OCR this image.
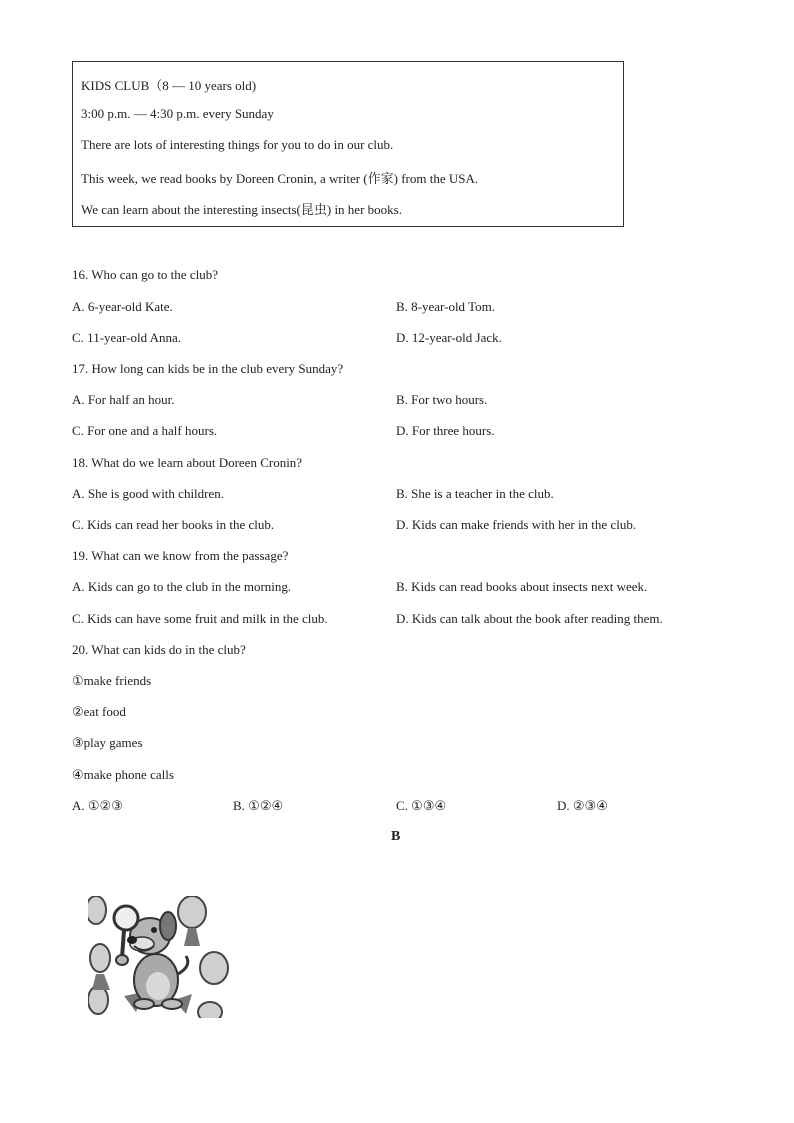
KIDS CLUB（8 — 10 years old)
3:00 p.m. — 4:30 p.m. every Sunday
There are lots of interesting things for you to do in our club.
This week, we read books by Doreen Cronin, a writer (作家) from the USA.
We can learn about the interesting insects(昆虫) in her books.
16. Who can go to the club?
A. 6-year-old Kate.	B. 8-year-old Tom.
C. 11-year-old Anna.	D. 12-year-old Jack.
17. How long can kids be in the club every Sunday?
A. For half an hour.	B. For two hours.
C. For one and a half hours.	D. For three hours.
18. What do we learn about Doreen Cronin?
A. She is good with children.	B. She is a teacher in the club.
C. Kids can read her books in the club.	D. Kids can make friends with her in the club.
19. What can we know from the passage?
A. Kids can go to the club in the morning.	B. Kids can read books about insects next week.
C. Kids can have some fruit and milk in the club.	D. Kids can talk about the book after reading them.
20. What can kids do in the club?
①make friends
②eat food
③play games
④make phone calls
A. ①②③	B. ①②④	C. ①③④	D. ②③④
B
